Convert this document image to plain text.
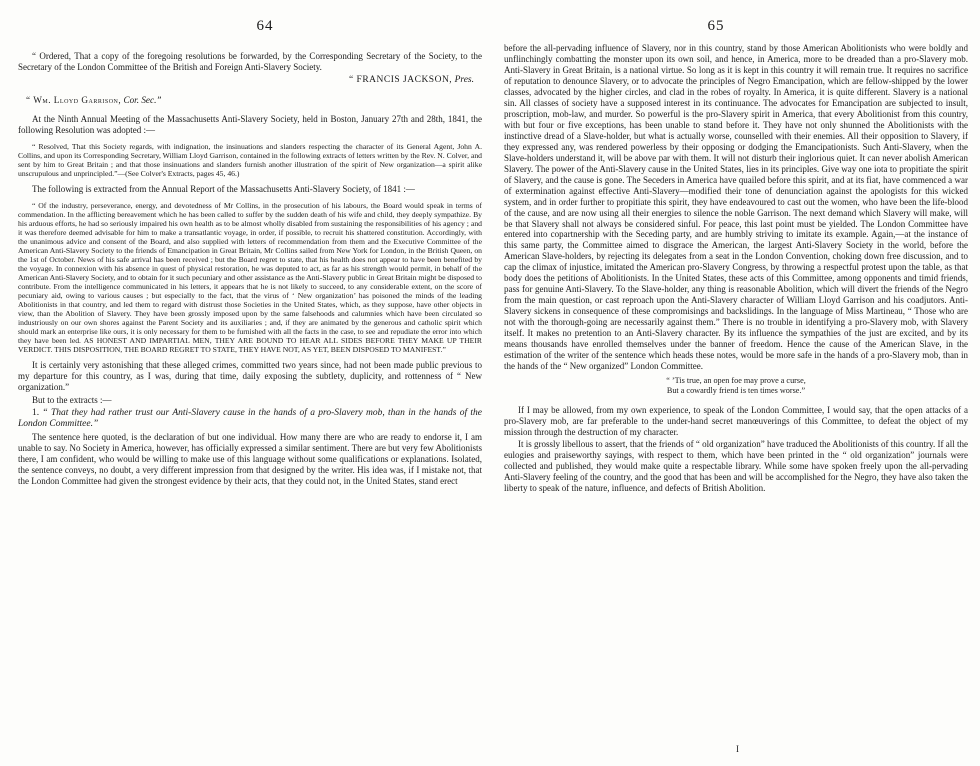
64

“ Ordered, That a copy of the foregoing resolutions be forwarded, by the Corresponding Secretary of the Society, to the Secretary of the London Committee of the British and Foreign Anti-Slavery Society.

“ FRANCIS JACKSON, Pres.
“ Wm. Lloyd Garrison, Cor. Sec.”

At the Ninth Annual Meeting of the Massachusetts Anti-Slavery Society, held in Boston, January 27th and 28th, 1841, the following Resolution was adopted :—

“ Resolved, That this Society regards, with indignation, the insinuations and slanders respecting the character of its General Agent, John A. Collins, and upon its Corresponding Secretary, William Lloyd Garrison, contained in the following extracts of letters written by the Rev. N. Colver, and sent by him to Great Britain ; and that those insinuations and slanders furnish another illustration of the spirit of New organization—a spirit alike unscrupulous and unprincipled.”—(See Colver's Extracts, pages 45, 46.)

The following is extracted from the Annual Report of the Massachusetts Anti-Slavery Society, of 1841 :—

“ Of the industry, perseverance, energy, and devotedness of Mr Collins, in the prosecution of his labours, the Board would speak in terms of commendation. In the afflicting bereavement which he has been called to suffer by the sudden death of his wife and child, they deeply sympathize. By his arduous efforts, he had so seriously impaired his own health as to be almost wholly disabled from sustaining the responsibilities of his agency ; and it was therefore deemed advisable for him to make a transatlantic voyage, in order, if possible, to recruit his shattered constitution. Accordingly, with the unanimous advice and consent of the Board, and also supplied with letters of recommendation from them and the Executive Committee of the American Anti-Slavery Society to the friends of Emancipation in Great Britain, Mr Collins sailed from New York for London, in the British Queen, on the 1st of October. News of his safe arrival has been received ; but the Board regret to state, that his health does not appear to have been benefited by the voyage. In connexion with his absence in quest of physical restoration, he was deputed to act, as far as his strength would permit, in behalf of the American Anti-Slavery Society, and to obtain for it such pecuniary and other assistance as the Anti-Slavery public in Great Britain might be disposed to contribute. From the intelligence communicated in his letters, it appears that he is not likely to succeed, to any considerable extent, on the score of pecuniary aid, owing to various causes ; but especially to the fact, that the virus of ‘ New organization’ has poisoned the minds of the leading Abolitionists in that country, and led them to regard with distrust those Societies in the United States, which, as they suppose, have other objects in view, than the Abolition of Slavery. They have been grossly imposed upon by the same falsehoods and calumnies which have been circulated so industriously on our own shores against the Parent Society and its auxiliaries ; and, if they are animated by the generous and catholic spirit which should mark an enterprise like ours, it is only necessary for them to be furnished with all the facts in the case, to see and repudiate the error into which they have been led. AS HONEST AND IMPARTIAL MEN, THEY ARE BOUND TO HEAR ALL SIDES BEFORE THEY MAKE UP THEIR VERDICT. THIS DISPOSITION, THE BOARD REGRET TO STATE, THEY HAVE NOT, AS YET, BEEN DISPOSED TO MANIFEST.”

It is certainly very astonishing that these alleged crimes, committed two years since, had not been made public previous to my departure for this country, as I was, during that time, daily exposing the subtlety, duplicity, and rottenness of “ New organization.”

But to the extracts :—

1. “ That they had rather trust our Anti-Slavery cause in the hands of a pro-Slavery mob, than in the hands of the London Committee.”

The sentence here quoted, is the declaration of but one individual. How many there are who are ready to endorse it, I am unable to say. No Society in America, however, has officially expressed a similar sentiment. There are but very few Abolitionists there, I am confident, who would be willing to make use of this language without some qualifications or explanations. Isolated, the sentence conveys, no doubt, a very different impression from that designed by the writer. His idea was, if I mistake not, that the London Committee had given the strongest evidence by their acts, that they could not, in the United States, stand erect

65

before the all-pervading influence of Slavery, nor in this country, stand by those American Abolitionists who were boldly and unflinchingly combatting the monster upon its own soil, and hence, in America, more to be dreaded than a pro-Slavery mob. Anti-Slavery in Great Britain, is a national virtue. So long as it is kept in this country it will remain true. It requires no sacrifice of reputation to denounce Slavery, or to advocate the principles of Negro Emancipation, which are fellow-shipped by the lower classes, advocated by the higher circles, and clad in the robes of royalty. In America, it is quite different. Slavery is a national sin. All classes of society have a supposed interest in its continuance. The advocates for Emancipation are subjected to insult, proscription, mob-law, and murder. So powerful is the pro-Slavery spirit in America, that every Abolitionist from this country, with but four or five exceptions, has been unable to stand before it. They have not only shunned the Abolitionists with the instinctive dread of a Slave-holder, but what is actually worse, counselled with their enemies. All their opposition to Slavery, if they expressed any, was rendered powerless by their opposing or dodging the Emancipationists. Such Anti-Slavery, when the Slave-holders understand it, will be above par with them. It will not disturb their inglorious quiet. It can never abolish American Slavery. The power of the Anti-Slavery cause in the United States, lies in its principles. Give way one iota to propitiate the spirit of Slavery, and the cause is gone. The Seceders in America have quailed before this spirit, and at its fiat, have commenced a war of extermination against effective Anti-Slavery—modified their tone of denunciation against the apologists for this wicked system, and in order further to propitiate this spirit, they have endeavoured to cast out the women, who have been the life-blood of the cause, and are now using all their energies to silence the noble Garrison. The next demand which Slavery will make, will be that Slavery shall not always be considered sinful. For peace, this last point must be yielded. The London Committee have entered into copartnership with the Seceding party, and are humbly striving to imitate its example. Again,—at the instance of this same party, the Committee aimed to disgrace the American, the largest Anti-Slavery Society in the world, before the American Slave-holders, by rejecting its delegates from a seat in the London Convention, choking down free discussion, and to cap the climax of injustice, imitated the American pro-Slavery Congress, by throwing a respectful protest upon the table, as that body does the petitions of Abolitionists. In the United States, these acts of this Committee, among opponents and timid friends, pass for genuine Anti-Slavery. To the Slave-holder, any thing is reasonable Abolition, which will divert the friends of the Negro from the main question, or cast reproach upon the Anti-Slavery character of William Lloyd Garrison and his coadjutors. Anti-Slavery sickens in consequence of these compromisings and backslidings. In the language of Miss Martineau, “ Those who are not with the thorough-going are necessarily against them.” There is no trouble in identifying a pro-Slavery mob, with Slavery itself. It makes no pretention to an Anti-Slavery character. By its influence the sympathies of the just are excited, and by its means thousands have enrolled themselves under the banner of freedom. Hence the cause of the American Slave, in the estimation of the writer of the sentence which heads these notes, would be more safe in the hands of a pro-Slavery mob, than in the hands of the “ New organized” London Committee.

“ ’Tis true, an open foe may prove a curse,
But a cowardly friend is ten times worse.”

If I may be allowed, from my own experience, to speak of the London Committee, I would say, that the open attacks of a pro-Slavery mob, are far preferable to the under-hand secret manœuverings of this Committee, to defeat the object of my mission through the destruction of my character.

It is grossly libellous to assert, that the friends of “ old organization” have traduced the Abolitionists of this country. If all the eulogies and praiseworthy sayings, with respect to them, which have been printed in the “ old organization” journals were collected and published, they would make quite a respectable library. While some have spoken freely upon the all-pervading Anti-Slavery feeling of the country, and the good that has been and will be accomplished for the Negro, they have also taken the liberty to speak of the nature, influence, and defects of British Abolition.

I
